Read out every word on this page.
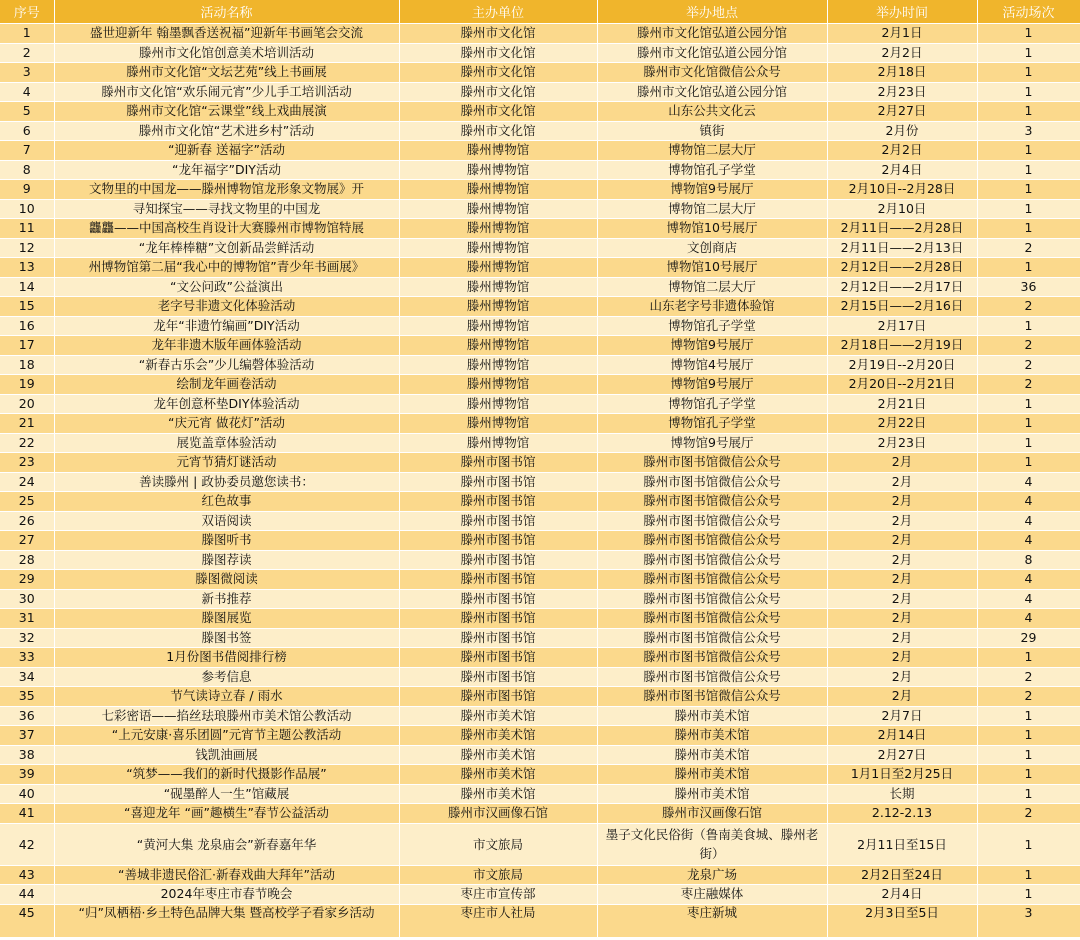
序号	活动名称	主办单位	举办地点	举办时间	活动场次
1	盛世迎新年 翰墨飘香送祝福”迎新年书画笔会交流	滕州市文化馆	滕州市文化馆弘道公园分馆	2月1日	1
2	滕州市文化馆创意美术培训活动	滕州市文化馆	滕州市文化馆弘道公园分馆	2月2日	1
3	滕州市文化馆“文坛艺苑”线上书画展	滕州市文化馆	滕州市文化馆微信公众号	2月18日	1
4	滕州市文化馆“欢乐闹元宵”少儿手工培训活动	滕州市文化馆	滕州市文化馆弘道公园分馆	2月23日	1
5	滕州市文化馆“云课堂”线上戏曲展演	滕州市文化馆	山东公共文化云	2月27日	1
6	滕州市文化馆“艺术进乡村”活动	滕州市文化馆	镇街	2月份	3
7	“迎新春 送福字”活动	滕州博物馆	博物馆二层大厅	2月2日	1
8	“龙年福字”DIY活动	滕州博物馆	博物馆孔子学堂	2月4日	1
9	文物里的中国龙——滕州博物馆龙形象文物展》开	滕州博物馆	博物馆9号展厅	2月10日--2月28日	1
10	寻知探宝——寻找文物里的中国龙	滕州博物馆	博物馆二层大厅	2月10日	1
11	龘龘——中国高校生肖设计大赛滕州市博物馆特展	滕州博物馆	博物馆10号展厅	2月11日——2月28日	1
12	“龙年棒棒糖”文创新品尝鲜活动	滕州博物馆	文创商店	2月11日——2月13日	2
13	州博物馆第二届“我心中的博物馆”青少年书画展》	滕州博物馆	博物馆10号展厅	2月12日——2月28日	1
14	“文公问政”公益演出	滕州博物馆	博物馆二层大厅	2月12日——2月17日	36
15	老字号非遗文化体验活动	滕州博物馆	山东老字号非遗体验馆	2月15日——2月16日	2
16	龙年“非遗竹编画”DIY活动	滕州博物馆	博物馆孔子学堂	2月17日	1
17	龙年非遗木版年画体验活动	滕州博物馆	博物馆9号展厅	2月18日——2月19日	2
18	“新春古乐会”少儿编磬体验活动	滕州博物馆	博物馆4号展厅	2月19日--2月20日	2
19	绘制龙年画卷活动	滕州博物馆	博物馆9号展厅	2月20日--2月21日	2
20	龙年创意杯垫DIY体验活动	滕州博物馆	博物馆孔子学堂	2月21日	1
21	“庆元宵 做花灯”活动	滕州博物馆	博物馆孔子学堂	2月22日	1
22	展览盖章体验活动	滕州博物馆	博物馆9号展厅	2月23日	1
23	元宵节猜灯谜活动	滕州市图书馆	滕州市图书馆微信公众号	2月	1
24	善读滕州 | 政协委员邀您读书：	滕州市图书馆	滕州市图书馆微信公众号	2月	4
25	红色故事	滕州市图书馆	滕州市图书馆微信公众号	2月	4
26	双语阅读	滕州市图书馆	滕州市图书馆微信公众号	2月	4
27	滕图听书	滕州市图书馆	滕州市图书馆微信公众号	2月	4
28	滕图荐读	滕州市图书馆	滕州市图书馆微信公众号	2月	8
29	滕图微阅读	滕州市图书馆	滕州市图书馆微信公众号	2月	4
30	新书推荐	滕州市图书馆	滕州市图书馆微信公众号	2月	4
31	滕图展览	滕州市图书馆	滕州市图书馆微信公众号	2月	4
32	滕图书签	滕州市图书馆	滕州市图书馆微信公众号	2月	29
33	1月份图书借阅排行榜	滕州市图书馆	滕州市图书馆微信公众号	2月	1
34	参考信息	滕州市图书馆	滕州市图书馆微信公众号	2月	2
35	节气读诗立春 / 雨水	滕州市图书馆	滕州市图书馆微信公众号	2月	2
36	七彩密语——掐丝珐琅滕州市美术馆公教活动	滕州市美术馆	滕州市美术馆	2月7日	1
37	“上元安康·喜乐团圆”元宵节主题公教活动	滕州市美术馆	滕州市美术馆	2月14日	1
38	钱凯油画展	滕州市美术馆	滕州市美术馆	2月27日	1
39	“筑梦——我们的新时代摄影作品展”	滕州市美术馆	滕州市美术馆	1月1日至2月25日	1
40	“砚墨醉人一生”馆藏展	滕州市美术馆	滕州市美术馆	长期	1
41	“喜迎龙年 “画”趣横生”春节公益活动	滕州市汉画像石馆	滕州市汉画像石馆	2.12-2.13	2
42	“黄河大集 龙泉庙会”新春嘉年华	市文旅局	墨子文化民俗街（鲁南美食城、滕州老街）	2月11日至15日	1
43	“善城非遗民俗汇·新春戏曲大拜年”活动	市文旅局	龙泉广场	2月2日至24日	1
44	2024年枣庄市春节晚会	枣庄市宣传部	枣庄融媒体	2月4日	1
45	“归”凤栖梧·乡土特色品牌大集 暨高校学子看家乡活动	枣庄市人社局	枣庄新城	2月3日至5日	3
